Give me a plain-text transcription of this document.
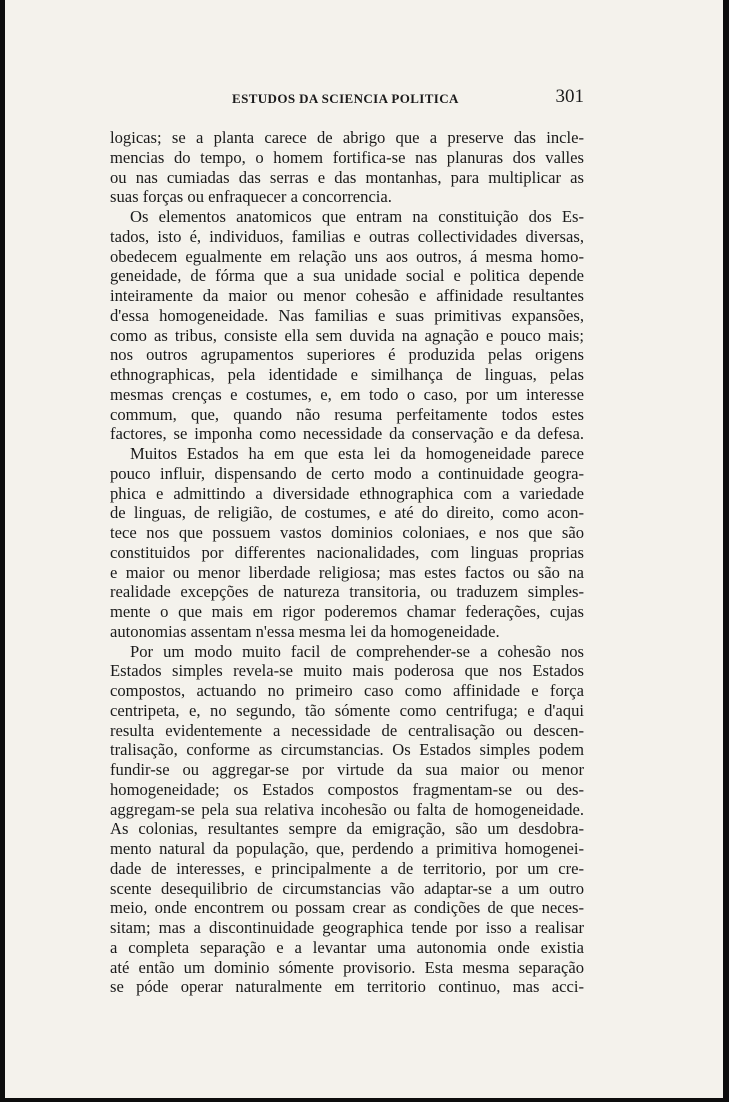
ESTUDOS DA SCIENCIA POLITICA	301
logicas; se a planta carece de abrigo que a preserve das incle-
mencias do tempo, o homem fortifica-se nas planuras dos valles
ou nas cumiadas das serras e das montanhas, para multiplicar as
suas forças ou enfraquecer a concorrencia.
Os elementos anatomicos que entram na constituição dos Es-
tados, isto é, individuos, familias e outras collectividades diversas,
obedecem egualmente em relação uns aos outros, á mesma homo-
geneidade, de fórma que a sua unidade social e politica depende
inteiramente da maior ou menor cohesão e affinidade resultantes
d'essa homogeneidade. Nas familias e suas primitivas expansões,
como as tribus, consiste ella sem duvida na agnação e pouco mais;
nos outros agrupamentos superiores é produzida pelas origens
ethnographicas, pela identidade e similhança de linguas, pelas
mesmas crenças e costumes, e, em todo o caso, por um interesse
commum, que, quando não resuma perfeitamente todos estes
factores, se imponha como necessidade da conservação e da defesa.
Muitos Estados ha em que esta lei da homogeneidade parece
pouco influir, dispensando de certo modo a continuidade geogra-
phica e admittindo a diversidade ethnographica com a variedade
de linguas, de religião, de costumes, e até do direito, como acon-
tece nos que possuem vastos dominios coloniaes, e nos que são
constituidos por differentes nacionalidades, com linguas proprias
e maior ou menor liberdade religiosa; mas estes factos ou são na
realidade excepções de natureza transitoria, ou traduzem simples-
mente o que mais em rigor poderemos chamar federações, cujas
autonomias assentam n'essa mesma lei da homogeneidade.
Por um modo muito facil de comprehender-se a cohesão nos
Estados simples revela-se muito mais poderosa que nos Estados
compostos, actuando no primeiro caso como affinidade e força
centripeta, e, no segundo, tão sómente como centrifuga; e d'aqui
resulta evidentemente a necessidade de centralisação ou descen-
tralisação, conforme as circumstancias. Os Estados simples podem
fundir-se ou aggregar-se por virtude da sua maior ou menor
homogeneidade; os Estados compostos fragmentam-se ou des-
aggregam-se pela sua relativa incohesão ou falta de homogeneidade.
As colonias, resultantes sempre da emigração, são um desdobra-
mento natural da população, que, perdendo a primitiva homogenei-
dade de interesses, e principalmente a de territorio, por um cre-
scente desequilibrio de circumstancias vão adaptar-se a um outro
meio, onde encontrem ou possam crear as condições de que neces-
sitam; mas a discontinuidade geographica tende por isso a realisar
a completa separação e a levantar uma autonomia onde existia
até então um dominio sómente provisorio. Esta mesma separação
se póde operar naturalmente em territorio continuo, mas acci-
